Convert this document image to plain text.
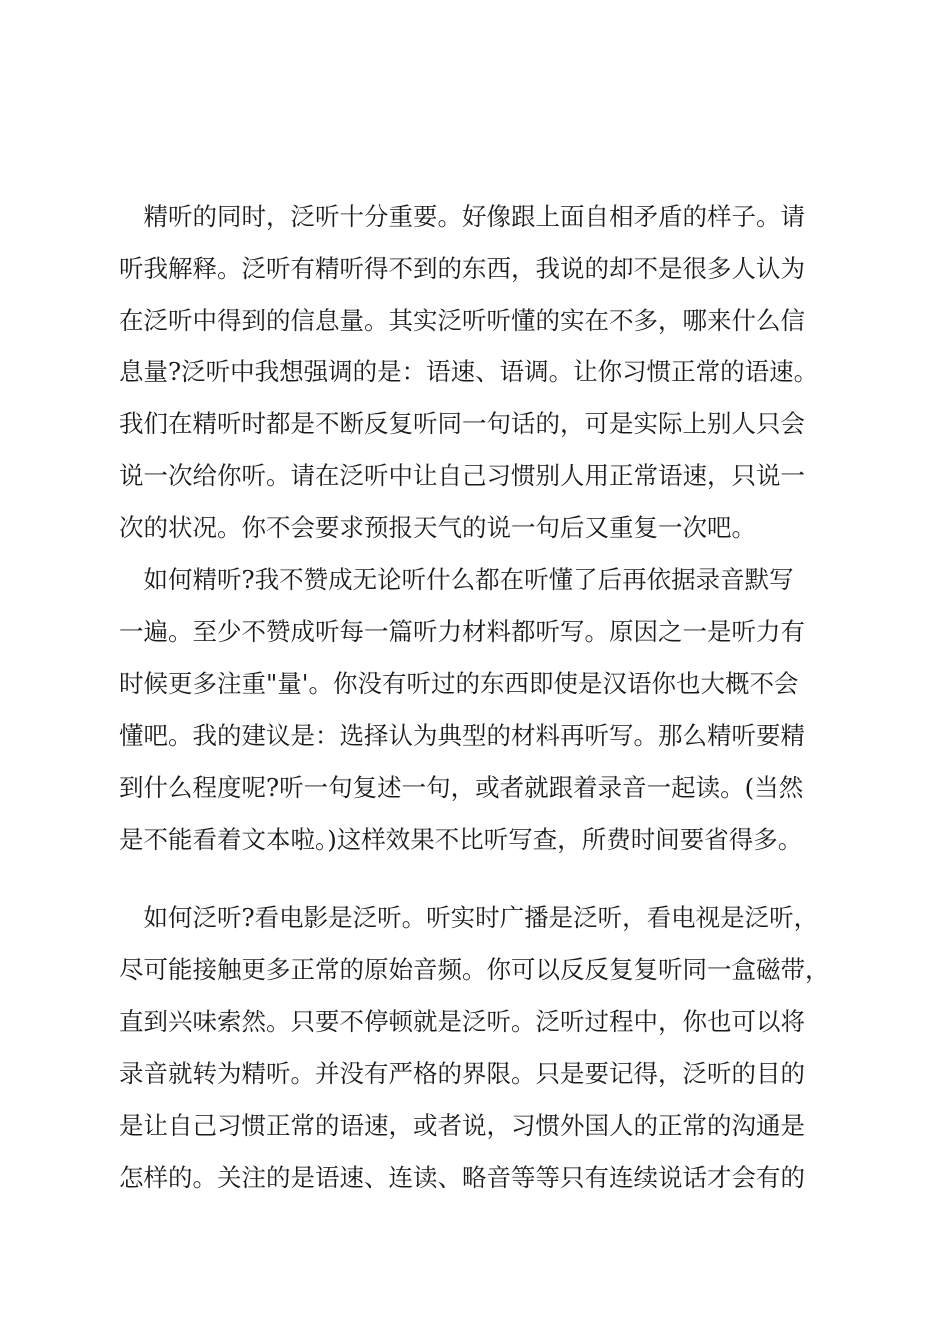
　精听的同时，泛听十分重要。好像跟上面自相矛盾的样子。请
听我解释。泛听有精听得不到的东西，我说的却不是很多人认为
在泛听中得到的信息量。其实泛听听懂的实在不多，哪来什么信
息量?泛听中我想强调的是：语速、语调。让你习惯正常的语速。
我们在精听时都是不断反复听同一句话的，可是实际上别人只会
说一次给你听。请在泛听中让自己习惯别人用正常语速，只说一
次的状况。你不会要求预报天气的说一句后又重复一次吧。
　如何精听?我不赞成无论听什么都在听懂了后再依据录音默写
一遍。至少不赞成听每一篇听力材料都听写。原因之一是听力有
时候更多注重"量'。你没有听过的东西即使是汉语你也大概不会
懂吧。我的建议是：选择认为典型的材料再听写。那么精听要精
到什么程度呢?听一句复述一句，或者就跟着录音一起读。(当然
是不能看着文本啦。)这样效果不比听写查，所费时间要省得多。
　如何泛听?看电影是泛听。听实时广播是泛听，看电视是泛听，
尽可能接触更多正常的原始音频。你可以反反复复听同一盒磁带，
直到兴味索然。只要不停顿就是泛听。泛听过程中，你也可以将
录音就转为精听。并没有严格的界限。只是要记得，泛听的目的
是让自己习惯正常的语速，或者说，习惯外国人的正常的沟通是
怎样的。关注的是语速、连读、略音等等只有连续说话才会有的
